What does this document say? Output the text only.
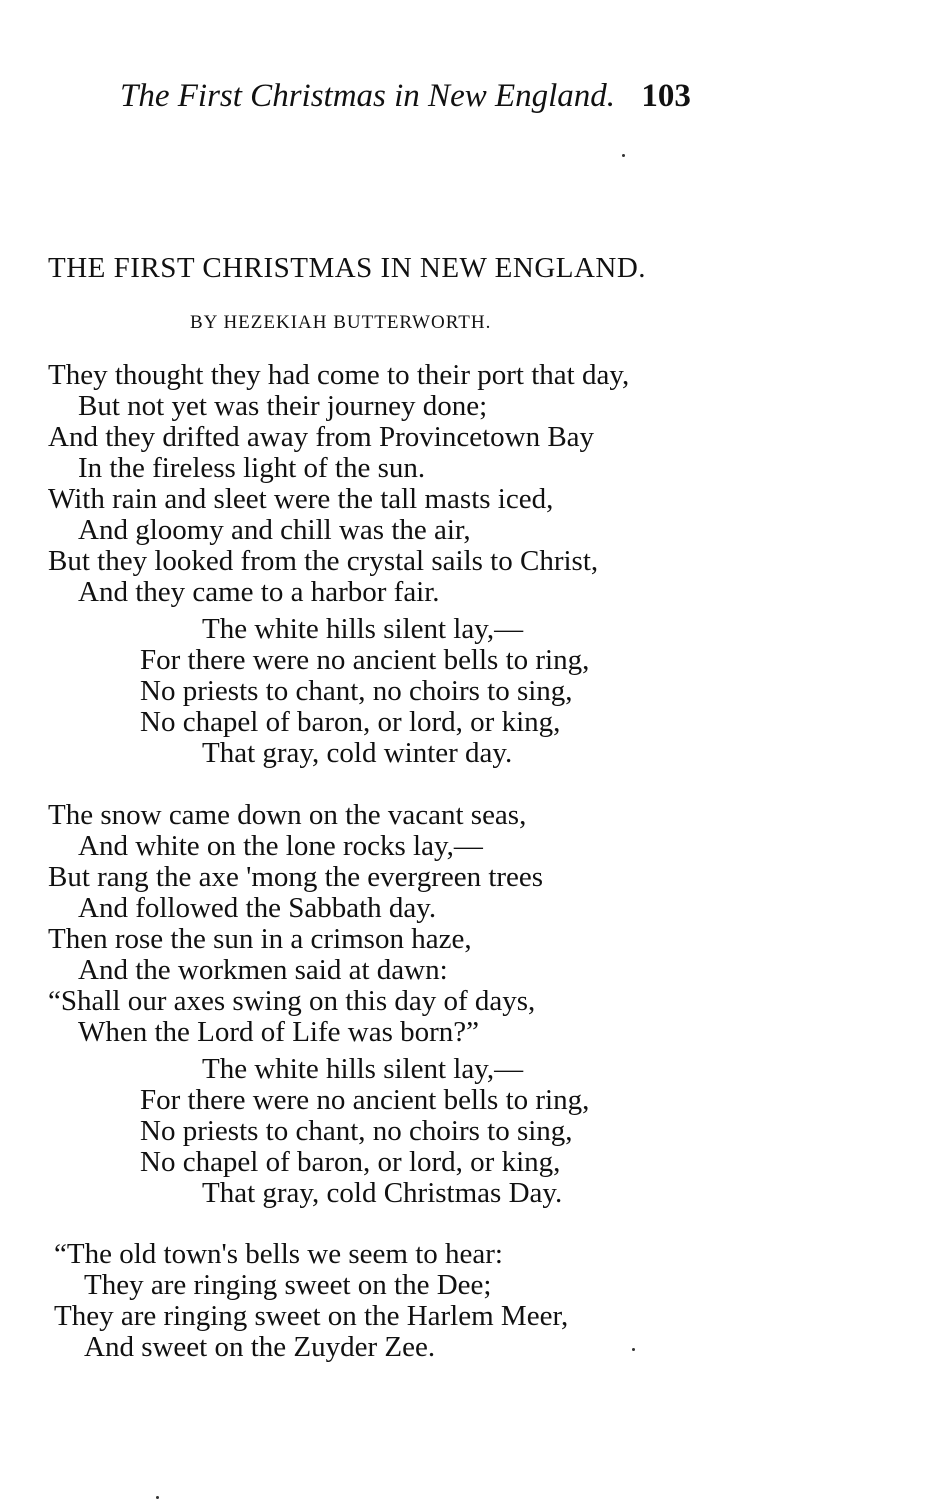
The First Christmas in New England. 103
THE FIRST CHRISTMAS IN NEW ENGLAND.
BY HEZEKIAH BUTTERWORTH.
They thought they had come to their port that day,
But not yet was their journey done;
And they drifted away from Provincetown Bay
In the fireless light of the sun.
With rain and sleet were the tall masts iced,
And gloomy and chill was the air,
But they looked from the crystal sails to Christ,
And they came to a harbor fair.
The white hills silent lay,—
For there were no ancient bells to ring,
No priests to chant, no choirs to sing,
No chapel of baron, or lord, or king,
That gray, cold winter day.
The snow came down on the vacant seas,
And white on the lone rocks lay,—
But rang the axe 'mong the evergreen trees
And followed the Sabbath day.
Then rose the sun in a crimson haze,
And the workmen said at dawn:
“Shall our axes swing on this day of days,
When the Lord of Life was born?”
The white hills silent lay,—
For there were no ancient bells to ring,
No priests to chant, no choirs to sing,
No chapel of baron, or lord, or king,
That gray, cold Christmas Day.
“The old town's bells we seem to hear:
They are ringing sweet on the Dee;
They are ringing sweet on the Harlem Meer,
And sweet on the Zuyder Zee.
